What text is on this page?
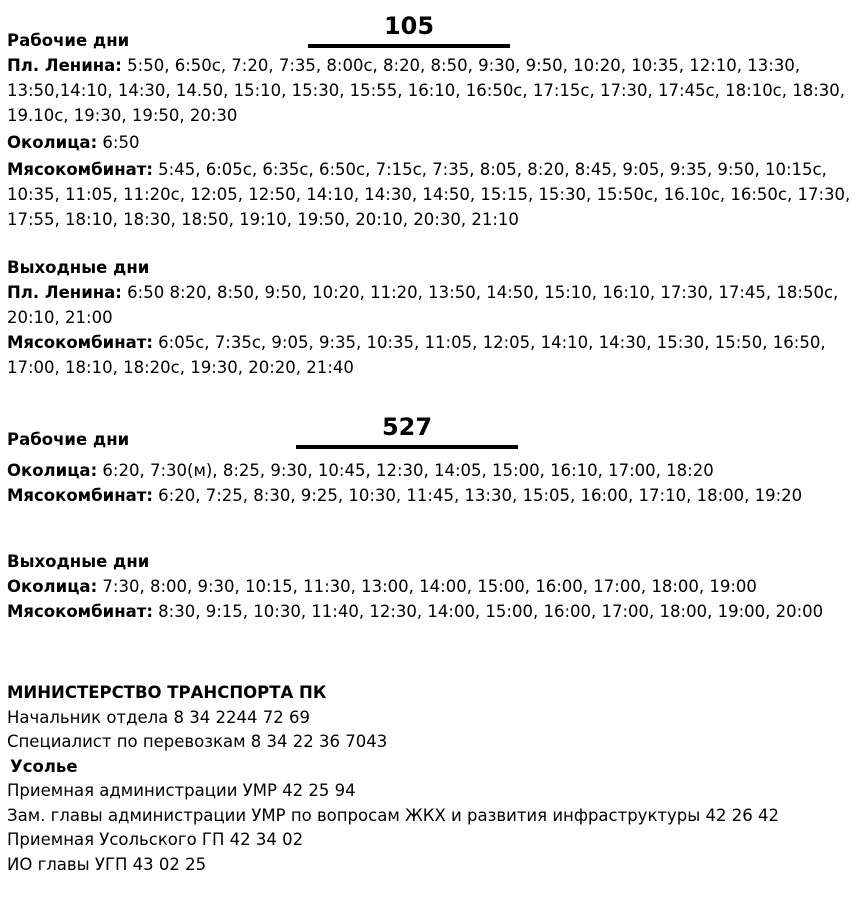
105
Рабочие дни
Пл. Ленина: 5:50, 6:50с, 7:20, 7:35, 8:00с, 8:20, 8:50, 9:30, 9:50, 10:20, 10:35, 12:10, 13:30, 13:50,14:10, 14:30, 14.50, 15:10, 15:30, 15:55, 16:10, 16:50с, 17:15с, 17:30, 17:45с, 18:10с, 18:30, 19.10с, 19:30, 19:50, 20:30
Околица: 6:50
Мясокомбинат: 5:45, 6:05с, 6:35с, 6:50с, 7:15с, 7:35, 8:05, 8:20, 8:45, 9:05, 9:35, 9:50, 10:15с, 10:35, 11:05, 11:20с, 12:05, 12:50, 14:10, 14:30, 14:50, 15:15, 15:30, 15:50с, 16.10с, 16:50с, 17:30, 17:55, 18:10, 18:30, 18:50, 19:10, 19:50, 20:10, 20:30, 21:10
Выходные дни
Пл. Ленина: 6:50 8:20, 8:50, 9:50, 10:20, 11:20, 13:50, 14:50, 15:10, 16:10, 17:30, 17:45, 18:50с, 20:10, 21:00
Мясокомбинат: 6:05с, 7:35с, 9:05, 9:35, 10:35, 11:05, 12:05, 14:10, 14:30, 15:30, 15:50, 16:50, 17:00, 18:10, 18:20с, 19:30, 20:20, 21:40
527
Рабочие дни
Околица: 6:20, 7:30(м), 8:25, 9:30, 10:45, 12:30, 14:05, 15:00, 16:10, 17:00, 18:20
Мясокомбинат: 6:20, 7:25, 8:30, 9:25, 10:30, 11:45, 13:30, 15:05, 16:00, 17:10, 18:00, 19:20
Выходные дни
Околица: 7:30, 8:00, 9:30, 10:15, 11:30, 13:00, 14:00, 15:00, 16:00, 17:00, 18:00, 19:00
Мясокомбинат: 8:30, 9:15, 10:30, 11:40, 12:30, 14:00, 15:00, 16:00, 17:00, 18:00, 19:00, 20:00
МИНИСТЕРСТВО ТРАНСПОРТА ПК
Начальник отдела 8 34 2244 72 69
Специалист по перевозкам 8 34 22 36 7043
Усолье
Приемная администрации УМР 42 25 94
Зам. главы администрации УМР по вопросам ЖКХ и развития инфраструктуры 42 26 42
Приемная Усольского ГП 42 34 02
ИО главы УГП 43 02 25
